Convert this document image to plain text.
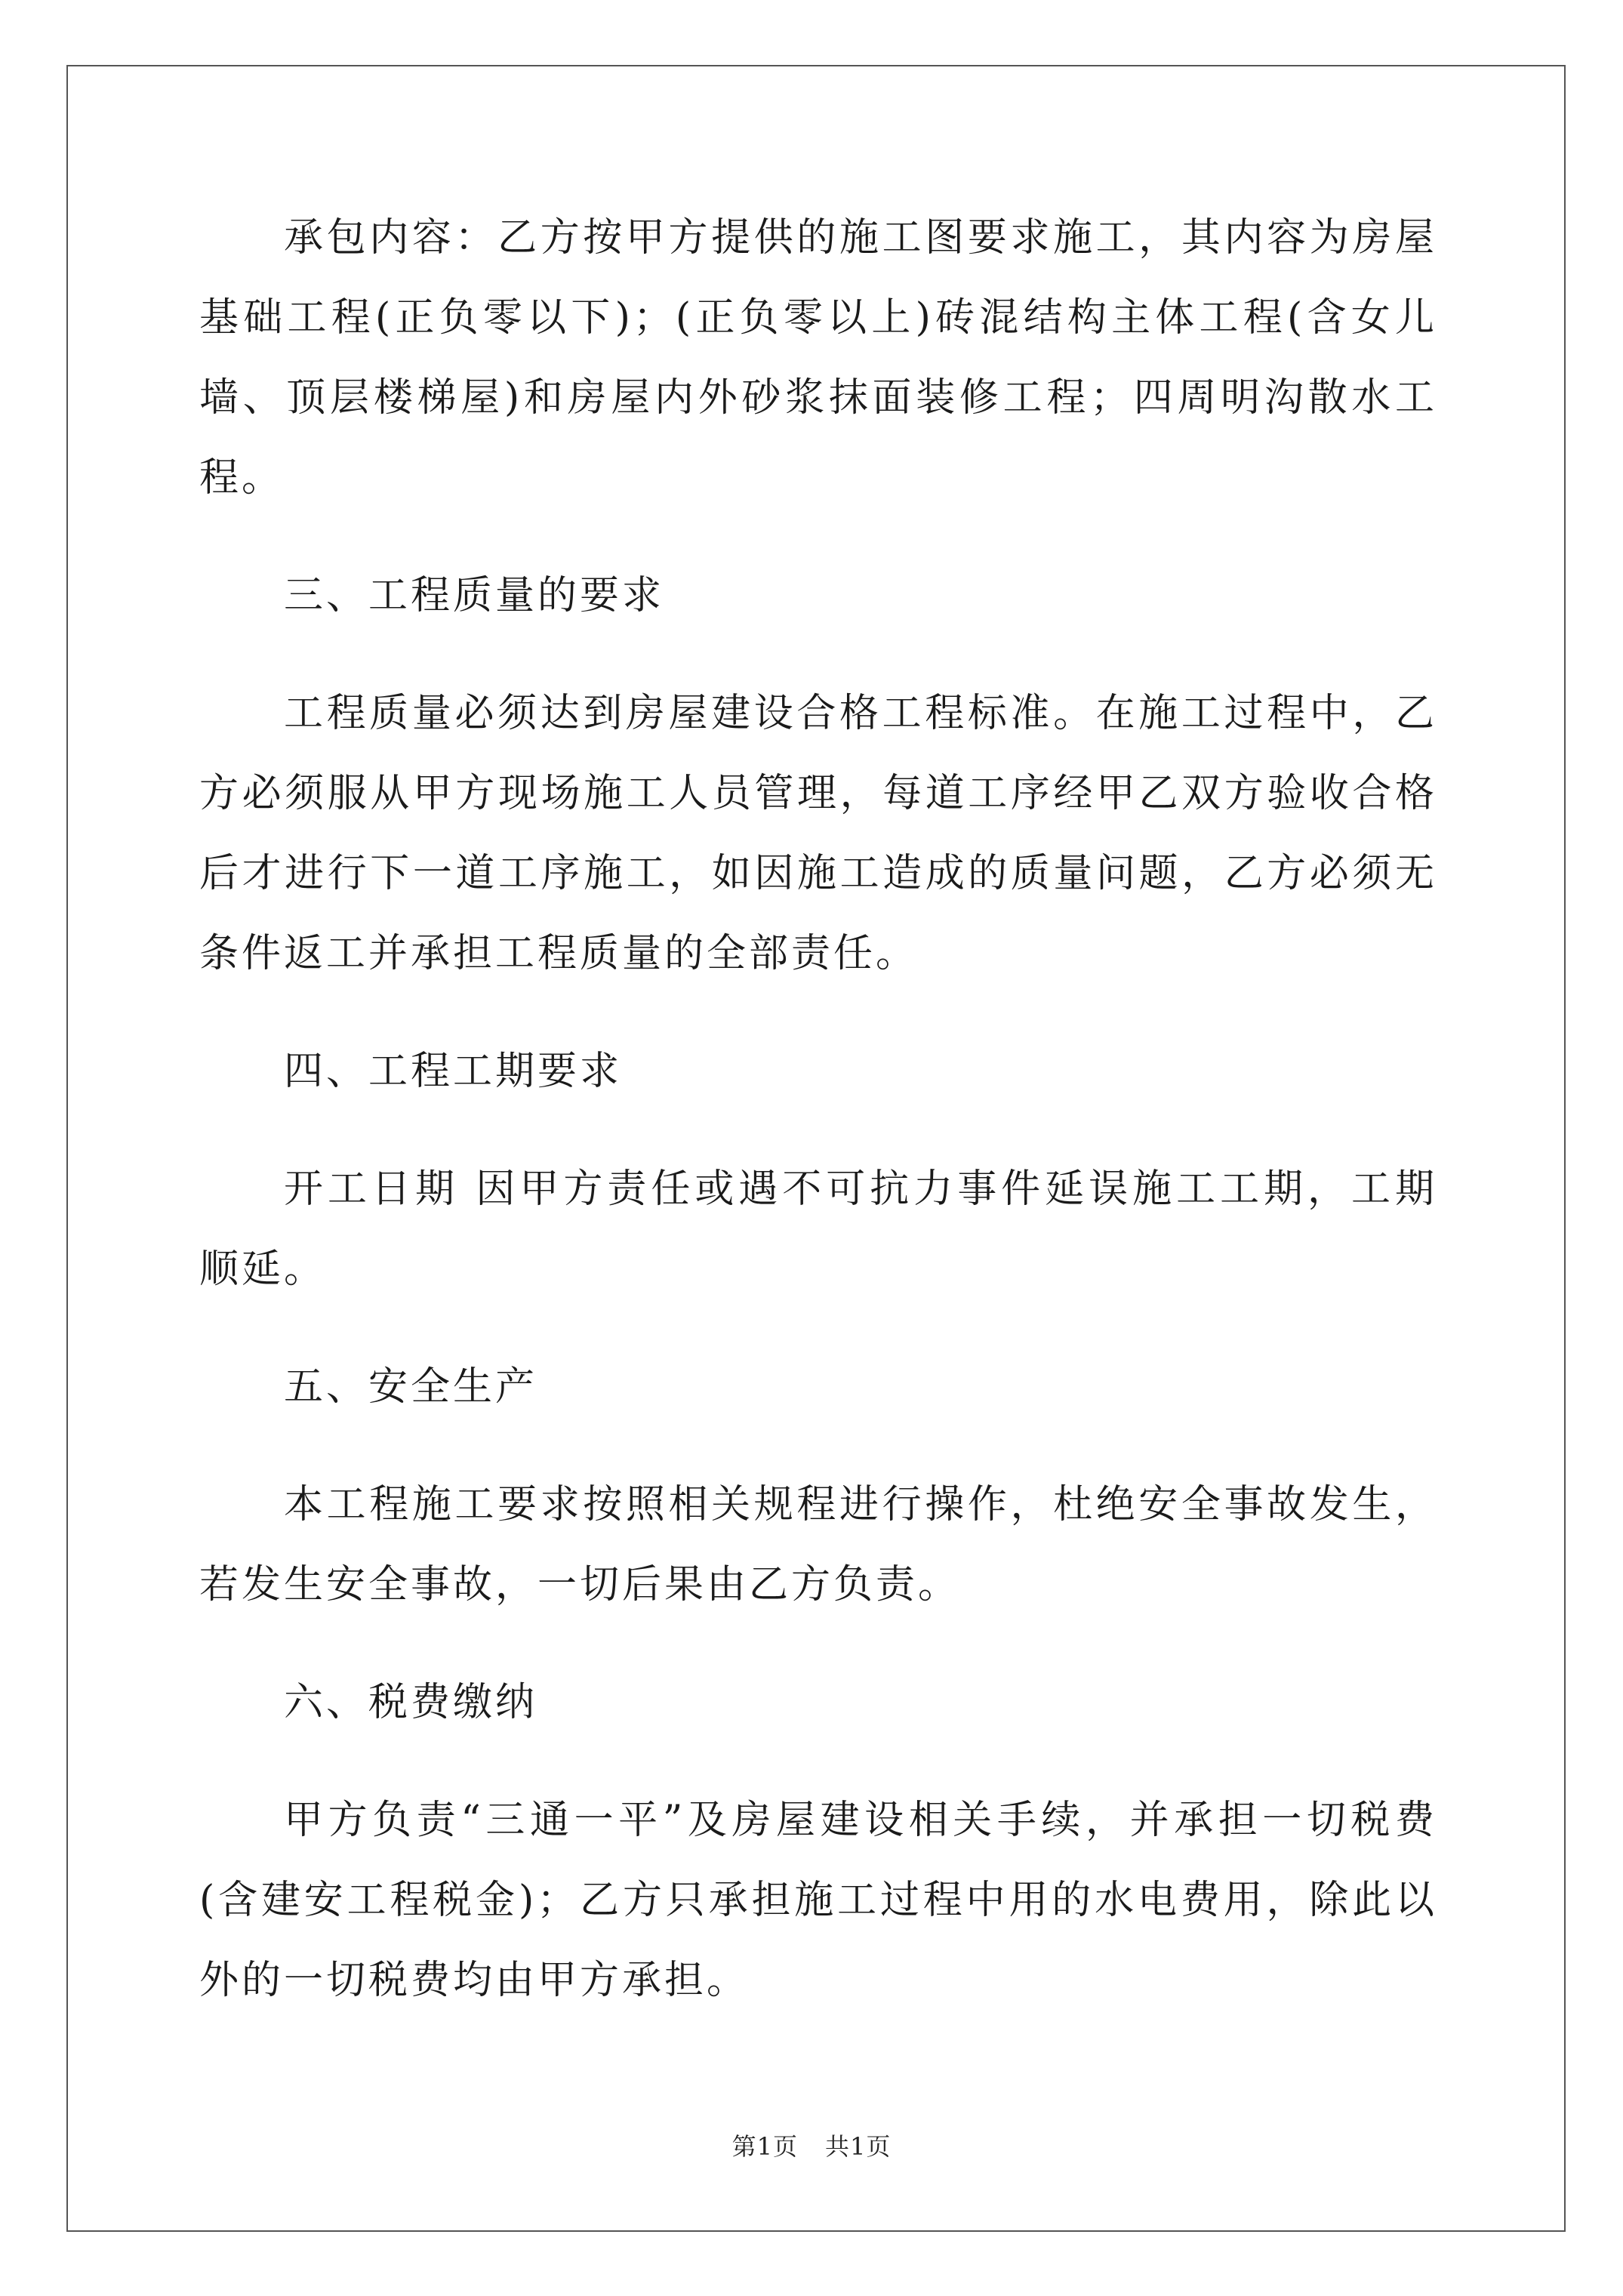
承包内容：乙方按甲方提供的施工图要求施工，其内容为房屋基础工程(正负零以下)；(正负零以上)砖混结构主体工程(含女儿墙、顶层楼梯屋)和房屋内外砂浆抹面装修工程；四周明沟散水工程。

三、工程质量的要求

工程质量必须达到房屋建设合格工程标准。在施工过程中，乙方必须服从甲方现场施工人员管理，每道工序经甲乙双方验收合格后才进行下一道工序施工，如因施工造成的质量问题，乙方必须无条件返工并承担工程质量的全部责任。

四、工程工期要求

开工日期 因甲方责任或遇不可抗力事件延误施工工期，工期顺延。

五、安全生产

本工程施工要求按照相关规程进行操作，杜绝安全事故发生，若发生安全事故，一切后果由乙方负责。

六、税费缴纳

甲方负责“三通一平”及房屋建设相关手续，并承担一切税费(含建安工程税金)；乙方只承担施工过程中用的水电费用，除此以外的一切税费均由甲方承担。

第1页 共1页
